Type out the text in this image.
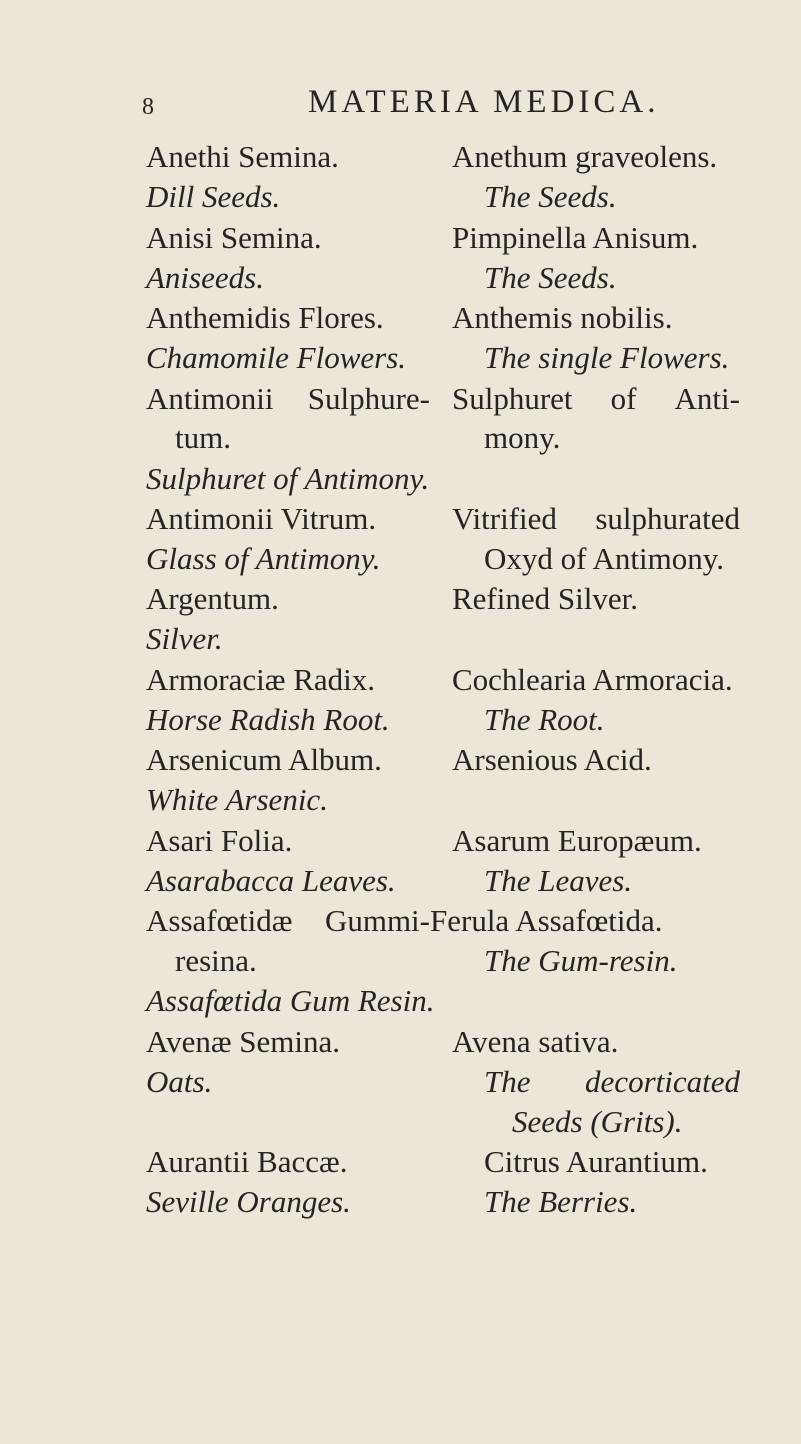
8	MATERIA MEDICA.
Anethi Semina.
Dill Seeds.
Anisi Semina.
Aniseeds.
Anthemidis Flores.
Chamomile Flowers.
Antimonii Sulphure-
tum.
Sulphuret of Antimony.
Antimonii Vitrum.
Glass of Antimony.
Argentum.
Silver.
Armoraciæ Radix.
Horse Radish Root.
Arsenicum Album.
White Arsenic.
Asari Folia.
Asarabacca Leaves.
Assafœtidæ Gummi-
resina.
Assafœtida Gum Resin.
Avenæ Semina.
Oats.
Aurantii Baccæ.
Seville Oranges.
Anethum graveolens.
The Seeds.
Pimpinella Anisum.
The Seeds.
Anthemis nobilis.
The single Flowers.
Sulphuret of Anti-
mony.
Vitrified sulphurated
Oxyd of Antimony.
Refined Silver.
Cochlearia Armoracia.
The Root.
Arsenious Acid.
Asarum Europæum.
The Leaves.
Ferula Assafœtida.
The Gum-resin.
Avena sativa.
The decorticated
Seeds (Grits).
Citrus Aurantium.
The Berries.
